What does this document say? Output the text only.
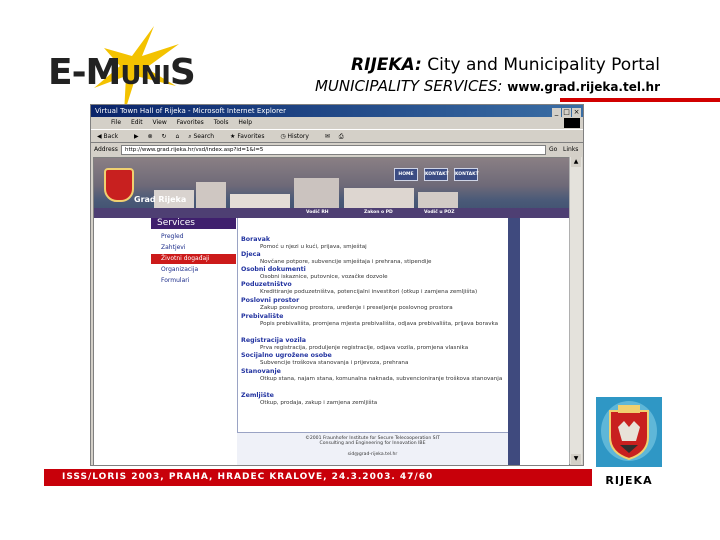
E-MUNIS	RIJEKA: City and Municipality Portal
MUNICIPALITY SERVICES: www.grad.rijeka.tel.hr
Virtual Town Hall of Rijeka - Microsoft Internet Explorer	_ □ ×
File Edit View Favorites Tools Help
◀ Back	▶ ⊗ ↻ ⌂ ⌕ Search	★ Favorites	◷ History	✉ ⎙
Address	http://www.grad.rijeka.hr/vsd/index.asp?id=1&l=5	Go Links
Grad Rijeka
HOME	KONTAKT KONTAKT
Vodič RH	Zakon o PD	Vodič u POZ
Services
Pregled
Zahtjevi
Životni događaji
Organizacija
Formulari
Boravak
Pomoć u njezi u kući, prijava, smještaj
Djeca
Novčane potpore, subvencije smještaja i prehrana, stipendije
Osobni dokumenti
Osobni iskaznice, putovnice, vozačke dozvole
Poduzetništvo
Kreditiranje poduzetništva, potencijalni investitori (otkup i zamjena zemljišta)
Poslovni prostor
Zakup poslovnog prostora, uređenje i preseljenje poslovnog prostora
Prebivalište
Popis prebivališta, promjena mjesta prebivališta, odjava prebivališta, prijava boravka
Registracija vozila
Prva registracija, produljenje registracije, odjava vozila, promjena vlasnika
Socijalno ugrožene osobe
Subvencije troškova stanovanja i prijevoza, prehrana
Stanovanje
Otkup stana, najam stana, komunalna naknada, subvencioniranje troškova stanovanja
Zemljište
Otkup, prodaja, zakup i zamjena zemljišta
©2001 Fraunhofer Institute for Secure Telecooperation SIT
Consulting and Engineering for Innovation IBE
sid@grad-rijeka.tel.hr
▲
▼
ISSS/LORIS 2003, PRAHA, HRADEC KRALOVE, 24.3.2003. 47/60	RIJEKA
